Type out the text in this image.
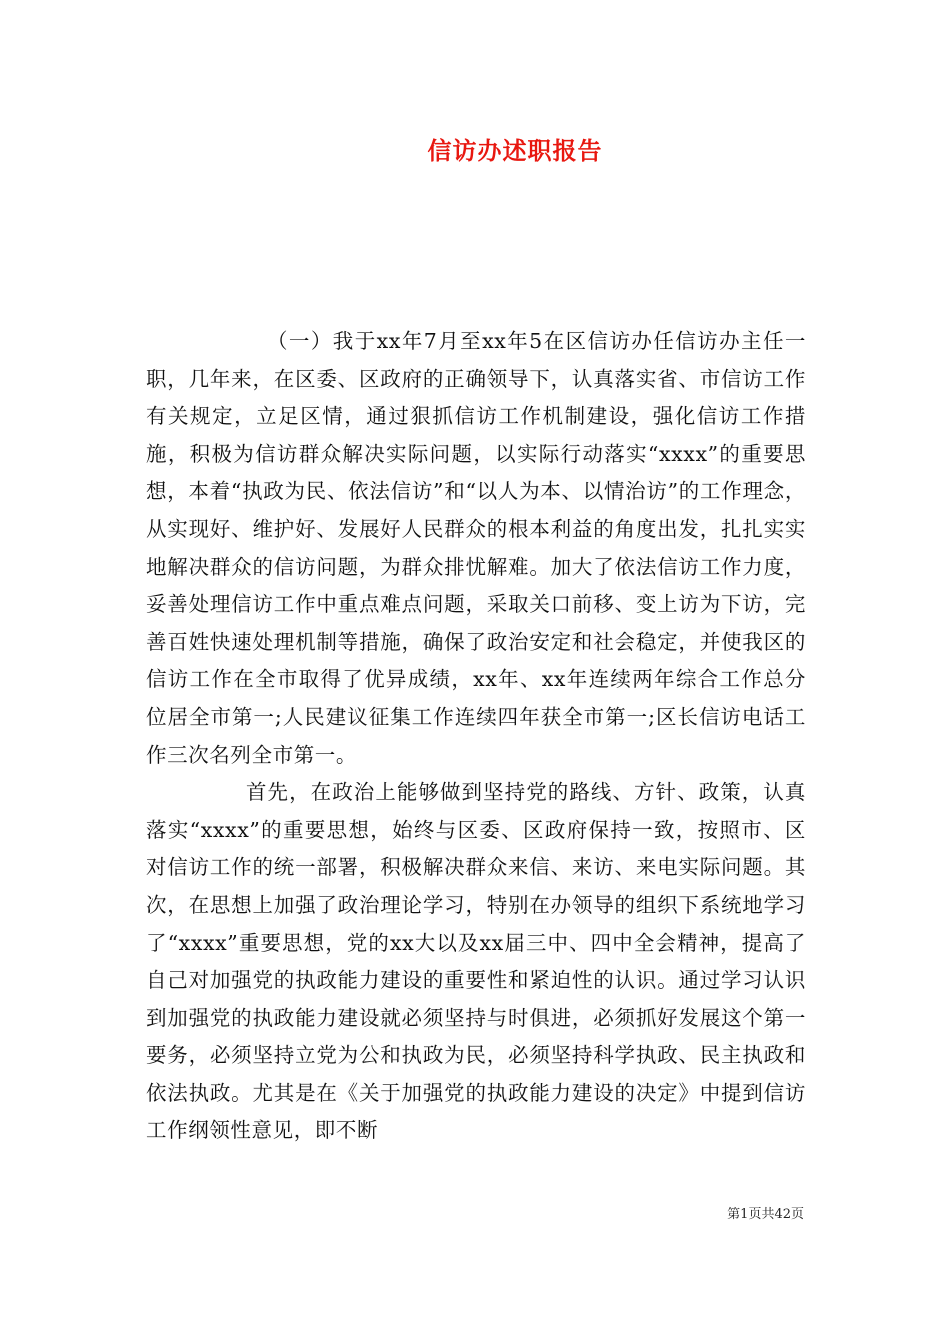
信访办述职报告

（一）我于xx年7月至xx年5在区信访办任信访办主任一职，几年来，在区委、区政府的正确领导下，认真落实省、市信访工作有关规定，立足区情，通过狠抓信访工作机制建设，强化信访工作措施，积极为信访群众解决实际问题，以实际行动落实“xxxx”的重要思想，本着“执政为民、依法信访”和“以人为本、以情治访”的工作理念，从实现好、维护好、发展好人民群众的根本利益的角度出发，扎扎实实地解决群众的信访问题，为群众排忧解难。加大了依法信访工作力度，妥善处理信访工作中重点难点问题，采取关口前移、变上访为下访，完善百姓快速处理机制等措施，确保了政治安定和社会稳定，并使我区的信访工作在全市取得了优异成绩，xx年、xx年连续两年综合工作总分位居全市第一;人民建议征集工作连续四年获全市第一;区长信访电话工作三次名列全市第一。

首先，在政治上能够做到坚持党的路线、方针、政策，认真落实“xxxx”的重要思想，始终与区委、区政府保持一致，按照市、区对信访工作的统一部署，积极解决群众来信、来访、来电实际问题。其次，在思想上加强了政治理论学习，特别在办领导的组织下系统地学习了“xxxx”重要思想，党的xx大以及xx届三中、四中全会精神，提高了自己对加强党的执政能力建设的重要性和紧迫性的认识。通过学习认识到加强党的执政能力建设就必须坚持与时俱进，必须抓好发展这个第一要务，必须坚持立党为公和执政为民，必须坚持科学执政、民主执政和依法执政。尤其是在《关于加强党的执政能力建设的决定》中提到信访工作纲领性意见，即不断

第1页共42页
